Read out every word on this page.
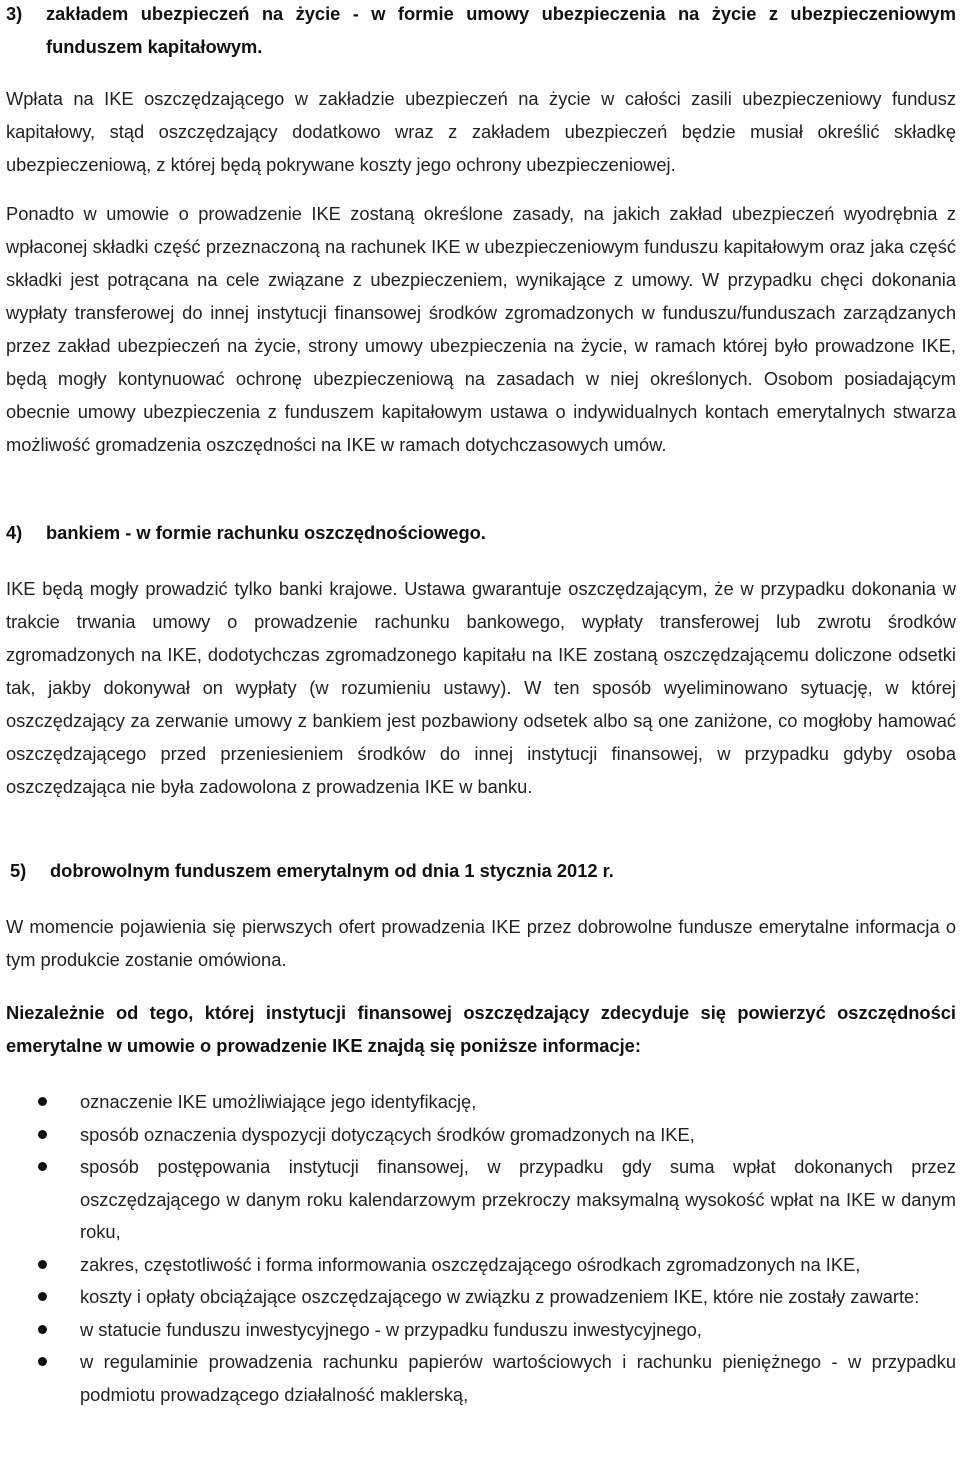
3)	zakładem ubezpieczeń na życie - w formie umowy ubezpieczenia na życie z ubezpieczeniowym funduszem kapitałowym.

Wpłata na IKE oszczędzającego w zakładzie ubezpieczeń na życie w całości zasili ubezpieczeniowy fundusz kapitałowy, stąd oszczędzający dodatkowo wraz z zakładem ubezpieczeń będzie musiał określić składkę ubezpieczeniową, z której będą pokrywane koszty jego ochrony ubezpieczeniowej.

Ponadto w umowie o prowadzenie IKE zostaną określone zasady, na jakich zakład ubezpieczeń wyodrębnia z wpłaconej składki część przeznaczoną na rachunek IKE w ubezpieczeniowym funduszu kapitałowym oraz jaka część składki jest potrącana na cele związane z ubezpieczeniem, wynikające z umowy. W przypadku chęci dokonania wypłaty transferowej do innej instytucji finansowej środków zgromadzonych w funduszu/funduszach zarządzanych przez zakład ubezpieczeń na życie, strony umowy ubezpieczenia na życie, w ramach której było prowadzone IKE, będą mogły kontynuować ochronę ubezpieczeniową na zasadach w niej określonych. Osobom posiadającym obecnie umowy ubezpieczenia z funduszem kapitałowym ustawa o indywidualnych kontach emerytalnych stwarza możliwość gromadzenia oszczędności na IKE w ramach dotychczasowych umów.

4)	bankiem - w formie rachunku oszczędnościowego.

IKE będą mogły prowadzić tylko banki krajowe. Ustawa gwarantuje oszczędzającym, że w przypadku dokonania w trakcie trwania umowy o prowadzenie rachunku bankowego, wypłaty transferowej lub zwrotu środków zgromadzonych na IKE, dodotychczas zgromadzonego kapitału na IKE zostaną oszczędzającemu doliczone odsetki tak, jakby dokonywał on wypłaty (w rozumieniu ustawy). W ten sposób wyeliminowano sytuację, w której oszczędzający za zerwanie umowy z bankiem jest pozbawiony odsetek albo są one zaniżone, co mogłoby hamować oszczędzającego przed przeniesieniem środków do innej instytucji finansowej, w przypadku gdyby osoba oszczędzająca nie była zadowolona z prowadzenia IKE w banku.

5)	dobrowolnym funduszem emerytalnym od dnia 1 stycznia 2012 r.

W momencie pojawienia się pierwszych ofert prowadzenia IKE przez dobrowolne fundusze emerytalne informacja o tym produkcie zostanie omówiona.

Niezależnie od tego, której instytucji finansowej oszczędzający zdecyduje się powierzyć oszczędności emerytalne w umowie o prowadzenie IKE znajdą się poniższe informacje:

oznaczenie IKE umożliwiające jego identyfikację,
sposób oznaczenia dyspozycji dotyczących środków gromadzonych na IKE,
sposób postępowania instytucji finansowej, w przypadku gdy suma wpłat dokonanych przez oszczędzającego w danym roku kalendarzowym przekroczy maksymalną wysokość wpłat na IKE w danym roku,
zakres, częstotliwość i forma informowania oszczędzającego ośrodkach zgromadzonych na IKE,
koszty i opłaty obciążające oszczędzającego w związku z prowadzeniem IKE, które nie zostały zawarte:
w statucie funduszu inwestycyjnego - w przypadku funduszu inwestycyjnego,
w regulaminie prowadzenia rachunku papierów wartościowych i rachunku pieniężnego - w przypadku podmiotu prowadzącego działalność maklerską,
